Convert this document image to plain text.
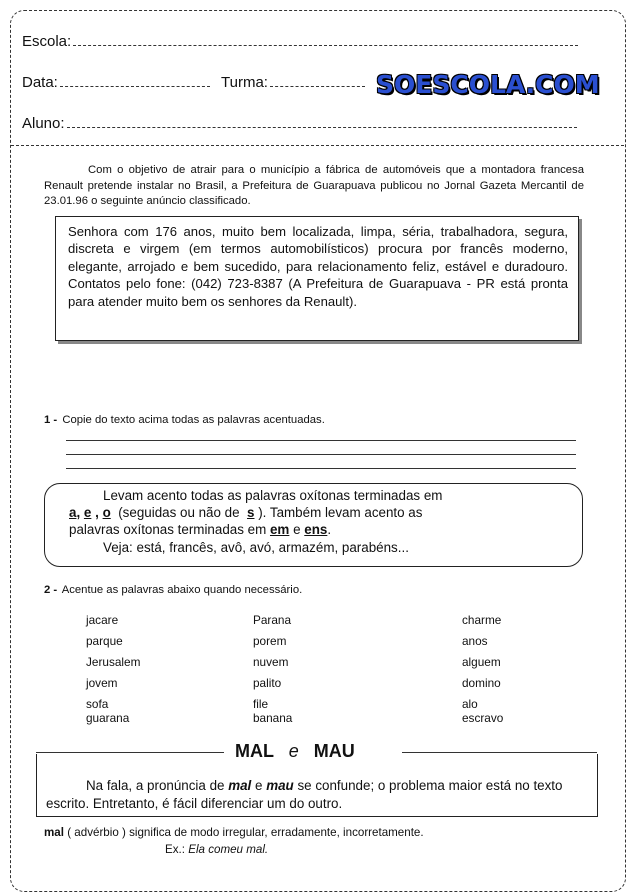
Escola:
Data:	Turma:	SOESCOLA.COM
Aluno:
Com o objetivo de atrair para o município a fábrica de automóveis que a montadora francesa Renault pretende instalar no Brasil, a Prefeitura de Guarapuava publicou no Jornal Gazeta Mercantil de 23.01.96 o seguinte anúncio classificado.
Senhora com 176 anos, muito bem localizada, limpa, séria, trabalhadora, segura, discreta e virgem (em termos automobilísticos) procura por francês moderno, elegante, arrojado e bem sucedido, para relacionamento feliz, estável e duradouro. Contatos pelo fone: (042) 723-8387 (A Prefeitura de Guarapuava - PR está pronta para atender muito bem os senhores da Renault).
1 - Copie do texto acima todas as palavras acentuadas.
Levam acento todas as palavras oxítonas terminadas em
a, e , o (seguidas ou não de s ). Também levam acento as
palavras oxítonas terminadas em em e ens.
Veja: está, francês, avô, avó, armazém, parabéns...
2 - Acentue as palavras abaixo quando necessário.
jacare
parque
Jerusalem
jovem
sofa
guarana
Parana
porem
nuvem
palito
file
banana
charme
anos
alguem
domino
alo
escravo
MAL e MAU
Na fala, a pronúncia de mal e mau se confunde; o problema maior está no texto escrito. Entretanto, é fácil diferenciar um do outro.
mal ( advérbio ) significa de modo irregular, erradamente, incorretamente.
Ex.: Ela comeu mal.
